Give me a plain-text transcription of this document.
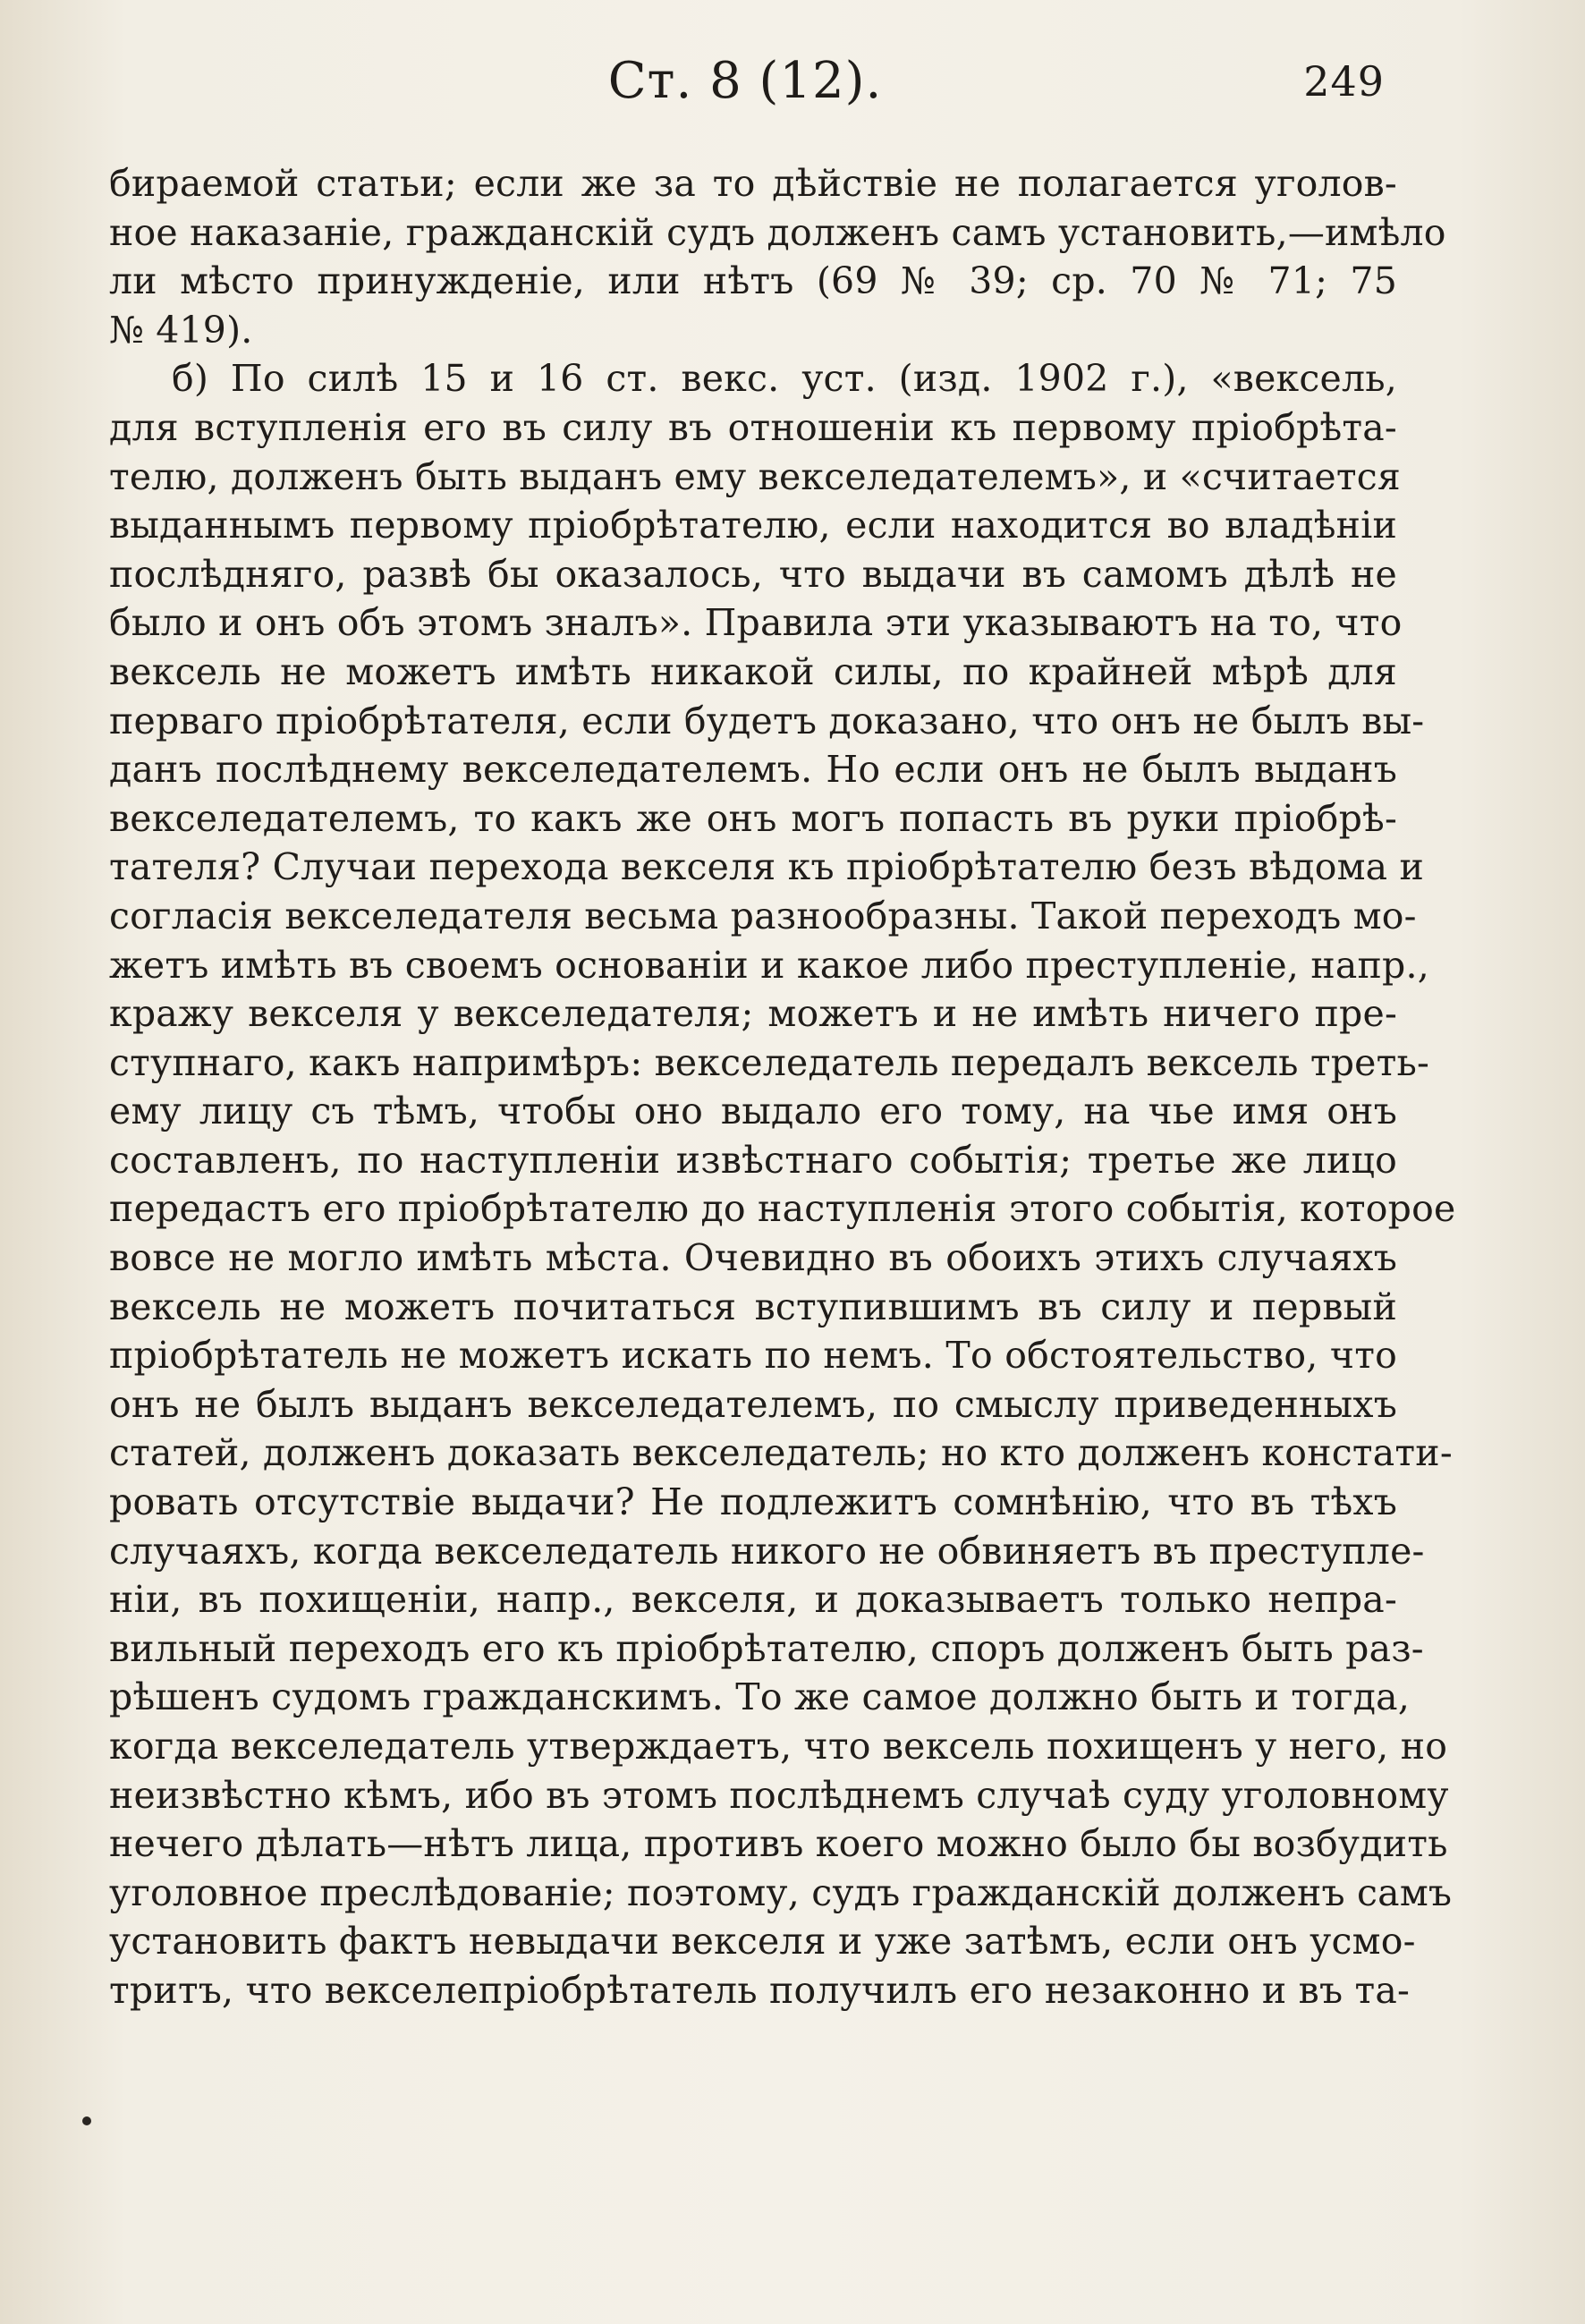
Ст. 8 (12).	249
бираемой статьи; если же за то дѣйствіе не полагается уголов-
ное наказаніе, гражданскій судъ долженъ самъ установить,—имѣло
ли мѣсто принужденіе, или нѣтъ (69 № 39; ср. 70 № 71; 75
№ 419).
б) По силѣ 15 и 16 ст. векс. уст. (изд. 1902 г.), «вексель,
для вступленія его въ силу въ отношеніи къ первому пріобрѣта-
телю, долженъ быть выданъ ему векселедателемъ», и «считается
выданнымъ первому пріобрѣтателю, если находится во владѣніи
послѣдняго, развѣ бы оказалось, что выдачи въ самомъ дѣлѣ не
было и онъ объ этомъ зналъ». Правила эти указываютъ на то, что
вексель не можетъ имѣть никакой силы, по крайней мѣрѣ для
перваго пріобрѣтателя, если будетъ доказано, что онъ не былъ вы-
данъ послѣднему векселедателемъ. Но если онъ не былъ выданъ
векселедателемъ, то какъ же онъ могъ попасть въ руки пріобрѣ-
тателя? Случаи перехода векселя къ пріобрѣтателю безъ вѣдома и
согласія векселедателя весьма разнообразны. Такой переходъ мо-
жетъ имѣть въ своемъ основаніи и какое либо преступленіе, напр.,
кражу векселя у векселедателя; можетъ и не имѣть ничего пре-
ступнаго, какъ напримѣръ: векселедатель передалъ вексель треть-
ему лицу съ тѣмъ, чтобы оно выдало его тому, на чье имя онъ
составленъ, по наступленіи извѣстнаго событія; третье же лицо
передастъ его пріобрѣтателю до наступленія этого событія, которое
вовсе не могло имѣть мѣста. Очевидно въ обоихъ этихъ случаяхъ
вексель не можетъ почитаться вступившимъ въ силу и первый
пріобрѣтатель не можетъ искать по немъ. То обстоятельство, что
онъ не былъ выданъ векселедателемъ, по смыслу приведенныхъ
статей, долженъ доказать векселедатель; но кто долженъ констати-
ровать отсутствіе выдачи? Не подлежитъ сомнѣнію, что въ тѣхъ
случаяхъ, когда векселедатель никого не обвиняетъ въ преступле-
ніи, въ похищеніи, напр., векселя, и доказываетъ только непра-
вильный переходъ его къ пріобрѣтателю, споръ долженъ быть раз-
рѣшенъ судомъ гражданскимъ. То же самое должно быть и тогда,
когда векселедатель утверждаетъ, что вексель похищенъ у него, но
неизвѣстно кѣмъ, ибо въ этомъ послѣднемъ случаѣ суду уголовному
нечего дѣлать—нѣтъ лица, противъ коего можно было бы возбудить
уголовное преслѣдованіе; поэтому, судъ гражданскій долженъ самъ
установить фактъ невыдачи векселя и уже затѣмъ, если онъ усмо-
тритъ, что векселепріобрѣтатель получилъ его незаконно и въ та-
